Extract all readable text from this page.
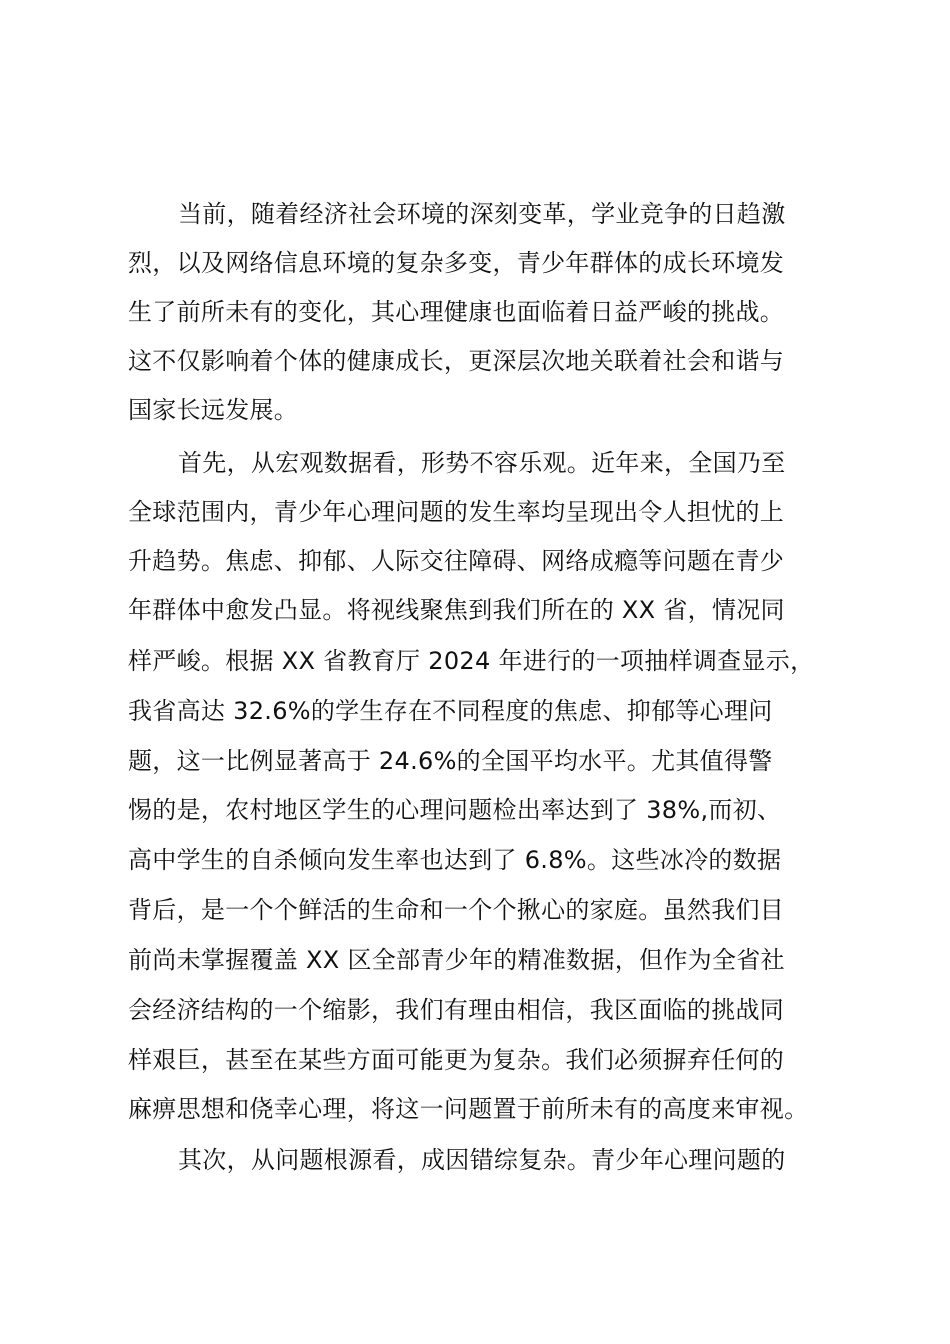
当前，随着经济社会环境的深刻变革，学业竞争的日趋激
烈，以及网络信息环境的复杂多变，青少年群体的成长环境发
生了前所未有的变化，其心理健康也面临着日益严峻的挑战。
这不仅影响着个体的健康成长，更深层次地关联着社会和谐与
国家长远发展。
首先，从宏观数据看，形势不容乐观。近年来，全国乃至
全球范围内，青少年心理问题的发生率均呈现出令人担忧的上
升趋势。焦虑、抑郁、人际交往障碍、网络成瘾等问题在青少
年群体中愈发凸显。将视线聚焦到我们所在的 XX 省，情况同
样严峻。根据 XX 省教育厅 2024 年进行的一项抽样调查显示，
我省高达 32.6%的学生存在不同程度的焦虑、抑郁等心理问
题，这一比例显著高于 24.6%的全国平均水平。尤其值得警
惕的是，农村地区学生的心理问题检出率达到了 38%,而初、
高中学生的自杀倾向发生率也达到了 6.8%。这些冰冷的数据
背后，是一个个鲜活的生命和一个个揪心的家庭。虽然我们目
前尚未掌握覆盖 XX 区全部青少年的精准数据，但作为全省社
会经济结构的一个缩影，我们有理由相信，我区面临的挑战同
样艰巨，甚至在某些方面可能更为复杂。我们必须摒弃任何的
麻痹思想和侥幸心理，将这一问题置于前所未有的高度来审视。
其次，从问题根源看，成因错综复杂。青少年心理问题的
